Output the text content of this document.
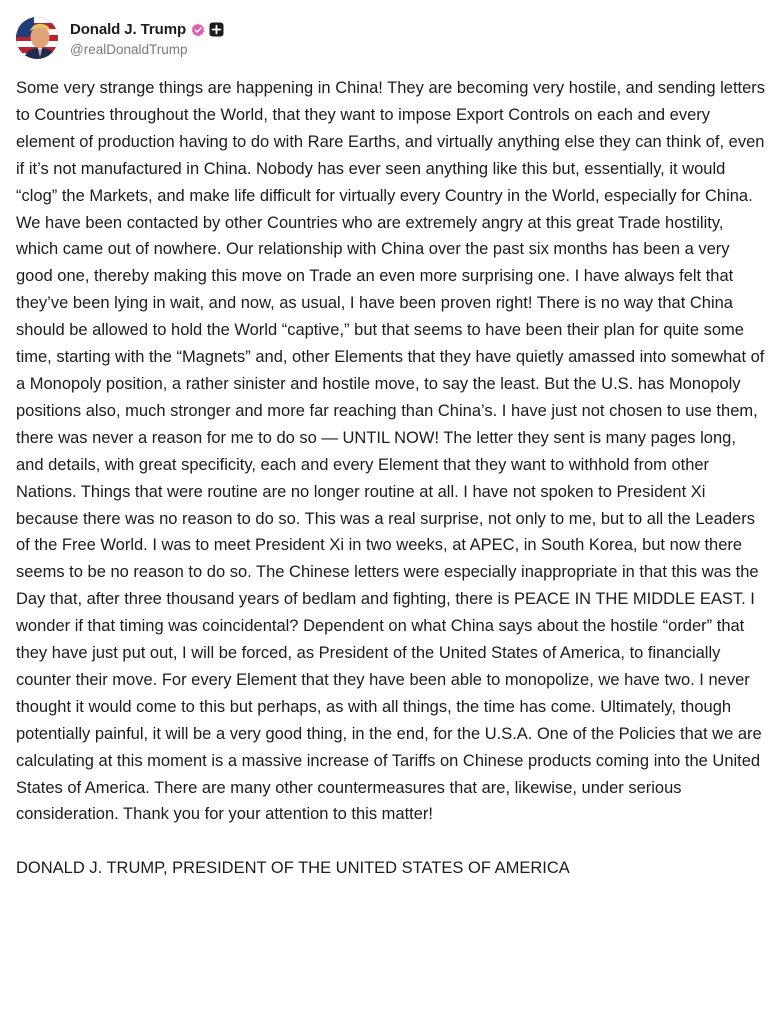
Donald J. Trump
@realDonaldTrump

Some very strange things are happening in China! They are becoming very hostile, and sending letters to Countries throughout the World, that they want to impose Export Controls on each and every element of production having to do with Rare Earths, and virtually anything else they can think of, even if it’s not manufactured in China. Nobody has ever seen anything like this but, essentially, it would “clog” the Markets, and make life difficult for virtually every Country in the World, especially for China. We have been contacted by other Countries who are extremely angry at this great Trade hostility, which came out of nowhere. Our relationship with China over the past six months has been a very good one, thereby making this move on Trade an even more surprising one. I have always felt that they’ve been lying in wait, and now, as usual, I have been proven right! There is no way that China should be allowed to hold the World “captive,” but that seems to have been their plan for quite some time, starting with the “Magnets” and, other Elements that they have quietly amassed into somewhat of a Monopoly position, a rather sinister and hostile move, to say the least. But the U.S. has Monopoly positions also, much stronger and more far reaching than China’s. I have just not chosen to use them, there was never a reason for me to do so — UNTIL NOW! The letter they sent is many pages long, and details, with great specificity, each and every Element that they want to withhold from other Nations. Things that were routine are no longer routine at all. I have not spoken to President Xi because there was no reason to do so. This was a real surprise, not only to me, but to all the Leaders of the Free World. I was to meet President Xi in two weeks, at APEC, in South Korea, but now there seems to be no reason to do so. The Chinese letters were especially inappropriate in that this was the Day that, after three thousand years of bedlam and fighting, there is PEACE IN THE MIDDLE EAST. I wonder if that timing was coincidental? Dependent on what China says about the hostile “order” that they have just put out, I will be forced, as President of the United States of America, to financially counter their move. For every Element that they have been able to monopolize, we have two. I never thought it would come to this but perhaps, as with all things, the time has come. Ultimately, though potentially painful, it will be a very good thing, in the end, for the U.S.A. One of the Policies that we are calculating at this moment is a massive increase of Tariffs on Chinese products coming into the United States of America. There are many other countermeasures that are, likewise, under serious consideration. Thank you for your attention to this matter!

DONALD J. TRUMP, PRESIDENT OF THE UNITED STATES OF AMERICA
